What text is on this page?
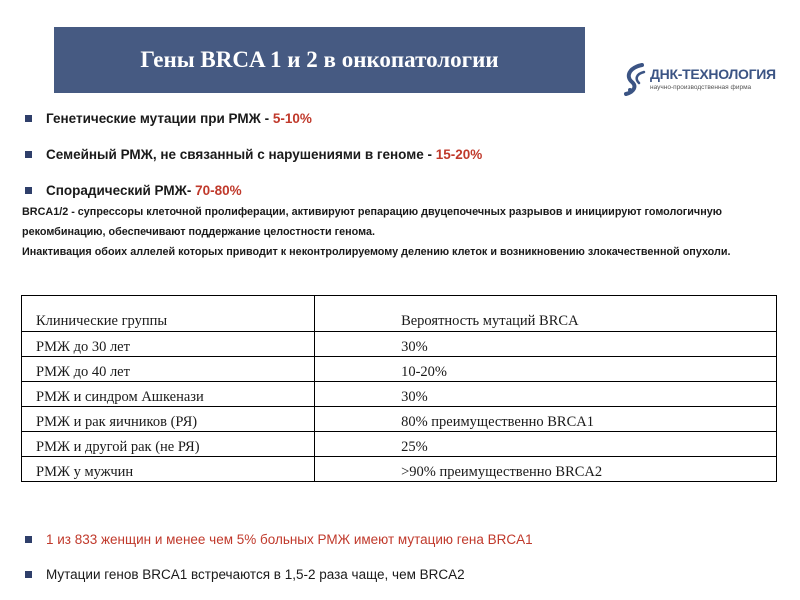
Гены BRCA 1 и 2 в онкопатологии
ДНК-ТЕХНОЛОГИЯ
научно-производственная фирма
Генетические мутации при РМЖ - 5-10%
Семейный РМЖ, не связанный с нарушениями в геноме - 15-20%
Спорадический РМЖ- 70-80%

BRCA1/2 - супрессоры клеточной пролиферации, активируют репарацию двуцепочечных разрывов и инициируют гомологичную рекомбинацию, обеспечивают поддержание целостности генома.
Инактивация обоих аллелей которых приводит к неконтролируемому делению клеток и возникновению злокачественной опухоли.

Клинические группы	Вероятность мутаций BRCA
РМЖ до 30 лет	30%
РМЖ до 40 лет	10-20%
РМЖ и синдром Ашкенази	30%
РМЖ и рак яичников (РЯ)	80% преимущественно BRCA1
РМЖ и другой рак (не РЯ)	25%
РМЖ у мужчин	>90% преимущественно BRCA2

1 из 833 женщин и менее чем 5% больных РМЖ имеют мутацию гена BRCA1

Мутации генов BRCA1 встречаются в 1,5-2 раза чаще, чем BRCA2
